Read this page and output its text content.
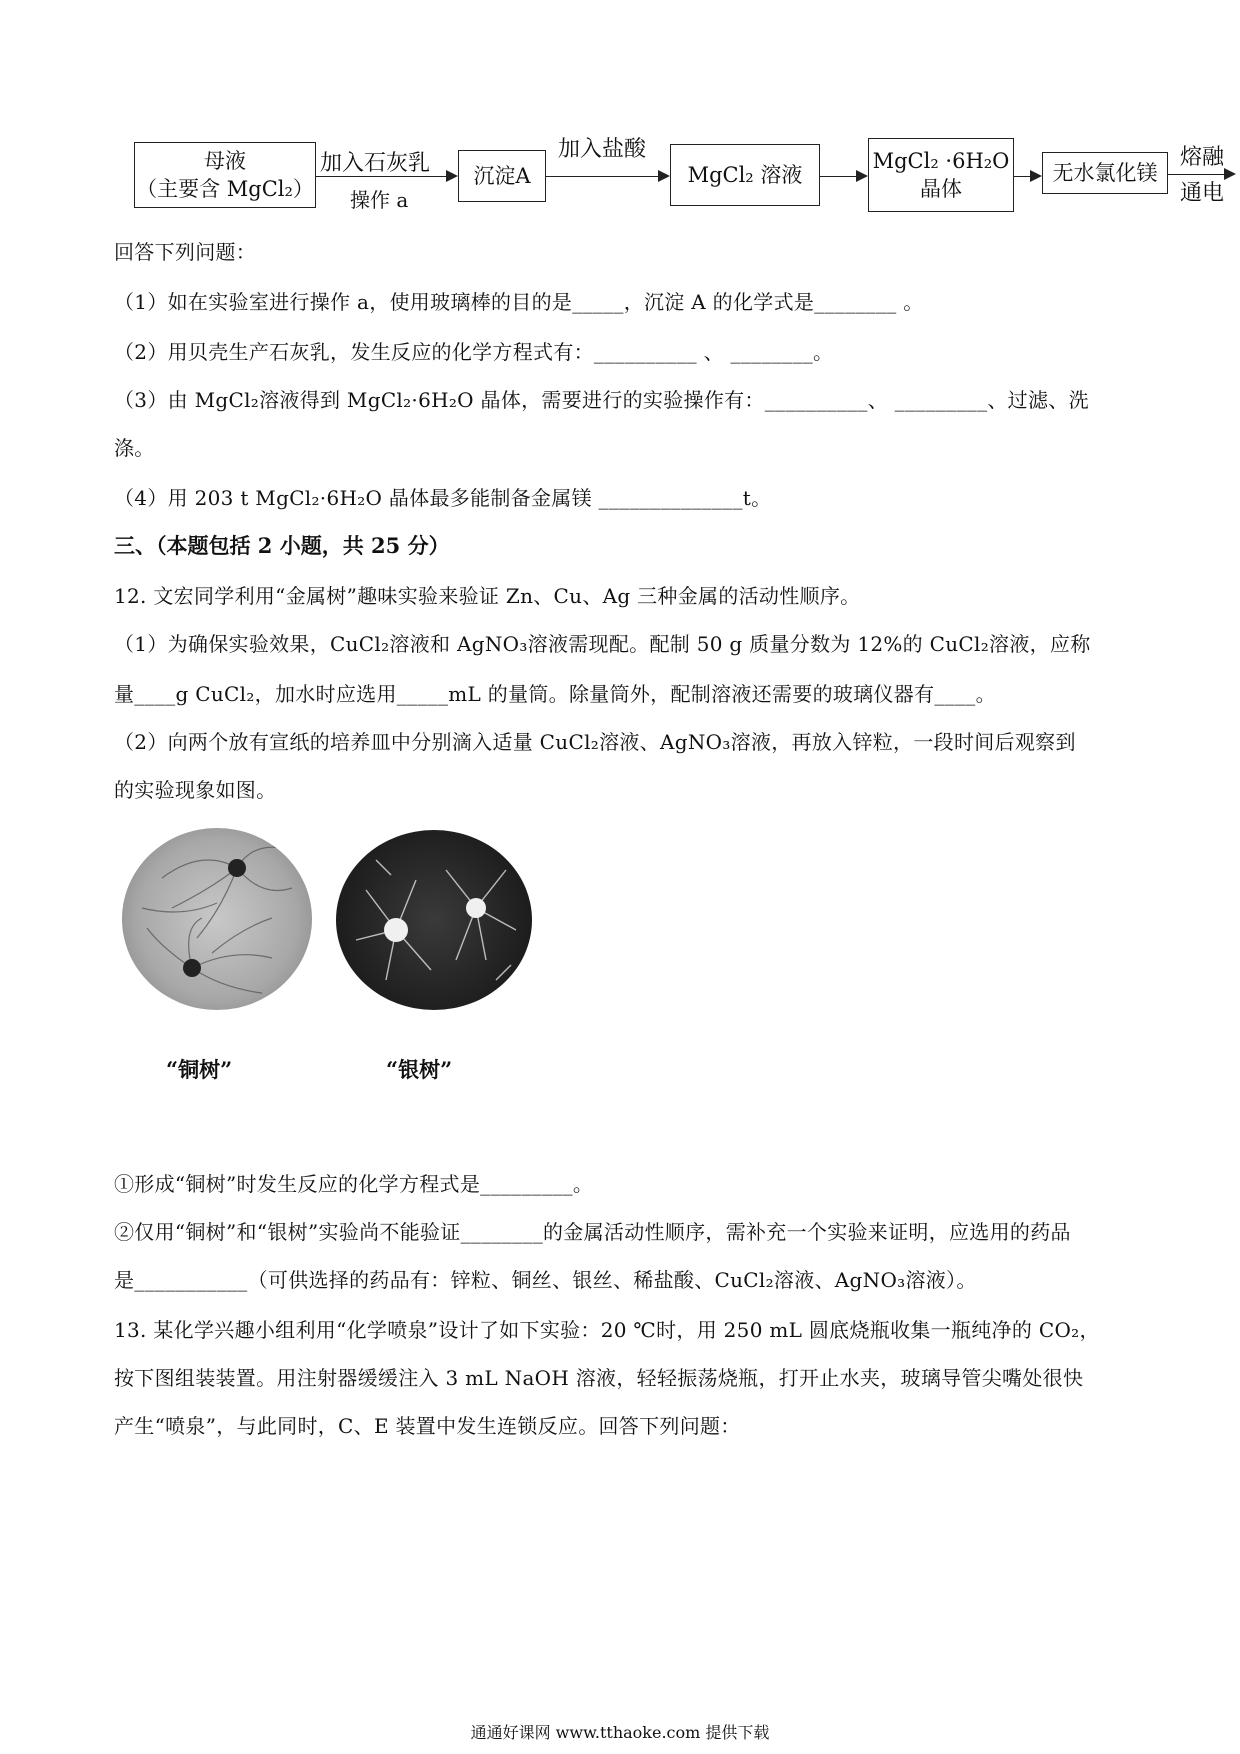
母液
（主要含 MgCl₂）
加入石灰乳
操作 a
沉淀A
加入盐酸
MgCl₂ 溶液
MgCl₂ ·6H₂O
晶体
无水氯化镁
熔融
通电
回答下列问题：
（1）如在实验室进行操作 a，使用玻璃棒的目的是_____，沉淀 A 的化学式是________ 。
（2）用贝壳生产石灰乳，发生反应的化学方程式有：__________ 、 ________。
（3）由 MgCl₂溶液得到 MgCl₂·6H₂O 晶体，需要进行的实验操作有：__________、 _________、过滤、洗
涤。
（4）用 203 t MgCl₂·6H₂O 晶体最多能制备金属镁 ______________t。
三、（本题包括 2 小题，共 25 分）
12. 文宏同学利用“金属树”趣味实验来验证 Zn、Cu、Ag 三种金属的活动性顺序。
（1）为确保实验效果，CuCl₂溶液和 AgNO₃溶液需现配。配制 50 g 质量分数为 12%的 CuCl₂溶液，应称
量____g CuCl₂，加水时应选用_____mL 的量筒。除量筒外，配制溶液还需要的玻璃仪器有____。
（2）向两个放有宣纸的培养皿中分别滴入适量 CuCl₂溶液、AgNO₃溶液，再放入锌粒，一段时间后观察到
的实验现象如图。
“铜树”	“银树”
①形成“铜树”时发生反应的化学方程式是_________。
②仅用“铜树”和“银树”实验尚不能验证________的金属活动性顺序，需补充一个实验来证明，应选用的药品
是___________（可供选择的药品有：锌粒、铜丝、银丝、稀盐酸、CuCl₂溶液、AgNO₃溶液）。
13. 某化学兴趣小组利用“化学喷泉”设计了如下实验：20 ℃时，用 250 mL 圆底烧瓶收集一瓶纯净的 CO₂，
按下图组装装置。用注射器缓缓注入 3 mL NaOH 溶液，轻轻振荡烧瓶，打开止水夹，玻璃导管尖嘴处很快
产生“喷泉”，与此同时，C、E 装置中发生连锁反应。回答下列问题：
通通好课网 www.tthaoke.com 提供下载
